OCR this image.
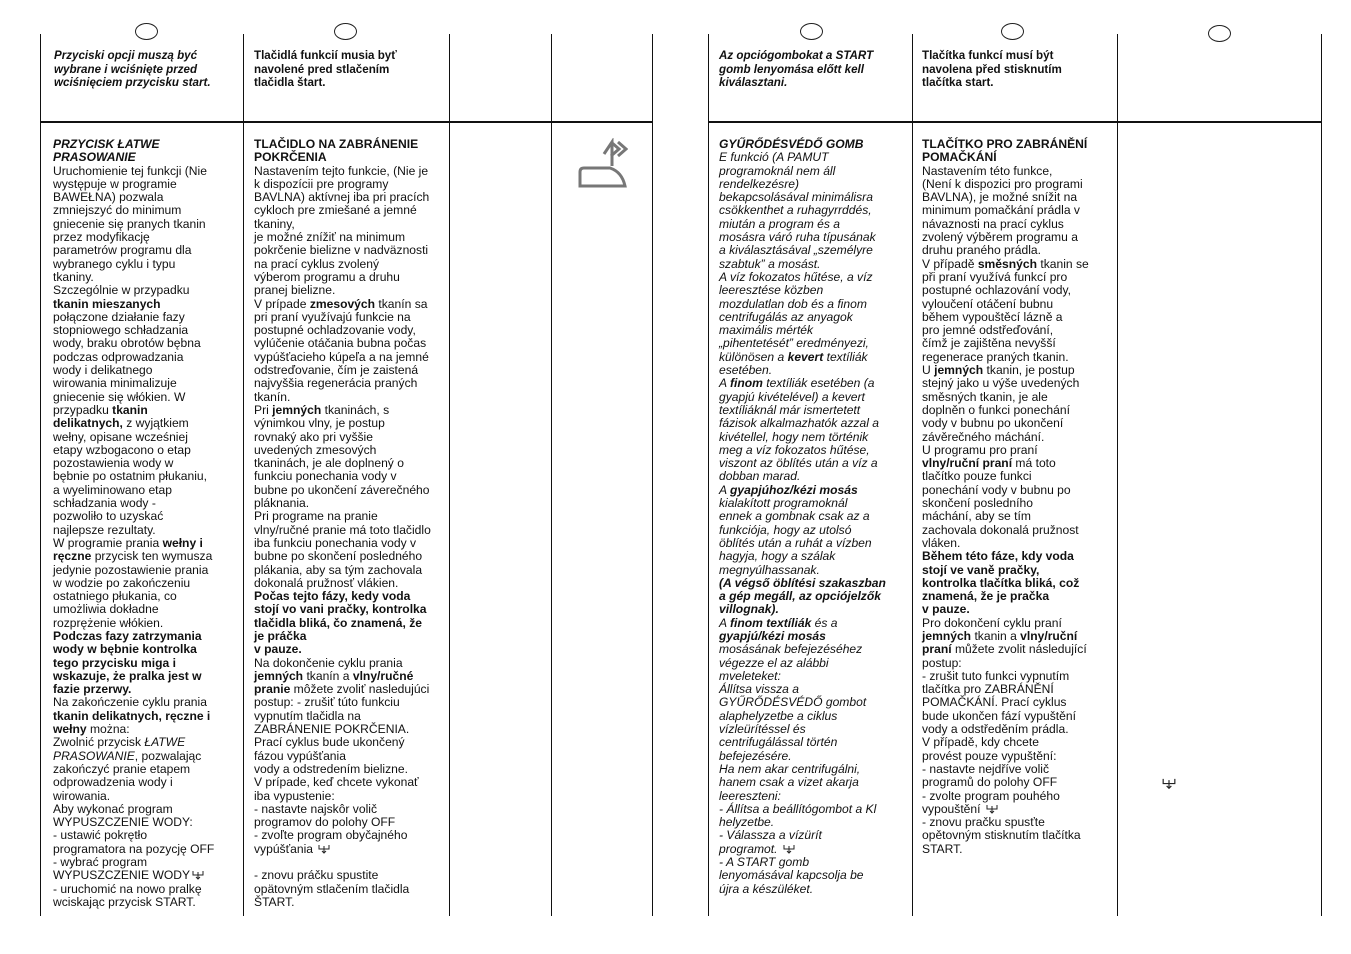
Przyciski opcji muszą być
wybrane i wciśnięte przed
wciśnięciem przycisku start.
Tlačidlá funkcií musia byť
navolené pred stlačením
tlačidla štart.
Az opciógombokat a START
gomb lenyomása előtt kell
kiválasztani.
Tlačítka funkcí musí být
navolena před stisknutím
tlačítka start.
PRZYCISK ŁATWE
PRASOWANIE
Uruchomienie tej funkcji (Nie
występuje w programie
BAWEŁNA) pozwala
zmniejszyć do minimum
gniecenie się pranych tkanin
przez modyfikację
parametrów programu dla
wybranego cyklu i typu
tkaniny.
Szczególnie w przypadku
tkanin mieszanych
połączone działanie fazy
stopniowego schładzania
wody, braku obrotów bębna
podczas odprowadzania
wody i delikatnego
wirowania minimalizuje
gniecenie się włókien. W
przypadku tkanin
delikatnych, z wyjątkiem
wełny, opisane wcześniej
etapy wzbogacono o etap
pozostawienia wody w
bębnie po ostatnim płukaniu,
a wyeliminowano etap
schładzania wody -
pozwoliło to uzyskać
najlepsze rezultaty.
W programie prania wełny i
ręczne przycisk ten wymusza
jedynie pozostawienie prania
w wodzie po zakończeniu
ostatniego płukania, co
umożliwia dokładne
rozprężenie włókien.
Podczas fazy zatrzymania
wody w bębnie kontrolka
tego przycisku miga i
wskazuje, że pralka jest w
fazie przerwy.
Na zakończenie cyklu prania
tkanin delikatnych, ręczne i
wełny można:
Zwolnić przycisk ŁATWE
PRASOWANIE, pozwalając
zakończyć pranie etapem
odprowadzenia wody i
wirowania.
Aby wykonać program
WYPUSZCZENIE WODY:
- ustawić pokrętło
programatora na pozycję OFF
- wybrać program
WYPUSZCZENIE WODY
- uruchomić na nowo pralkę
wciskając przycisk START.
TLAČIDLO NA ZABRÁNENIE
POKRČENIA
Nastavením tejto funkcie, (Nie je
k dispozícii pre programy
BAVLNA) aktívnej iba pri pracích
cykloch pre zmiešané a jemné
tkaniny,
je možné znížiť na minimum
pokrčenie bielizne v nadväznosti
na prací cyklus zvolený
výberom programu a druhu
pranej bielizne.
V prípade zmesových tkanín sa
pri praní využívajú funkcie na
postupné ochladzovanie vody,
vylúčenie otáčania bubna počas
vypúšťacieho kúpeľa a na jemné
odstreďovanie, čím je zaistená
najvyššia regenerácia praných
tkanín.
Pri jemných tkaninách, s
výnimkou vlny, je postup
rovnaký ako pri vyššie
uvedených zmesových
tkaninách, je ale doplnený o
funkciu ponechania vody v
bubne po ukončení záverečného
pláknania.
Pri programe na pranie
vlny/ručné pranie má toto tlačidlo
iba funkciu ponechania vody v
bubne po skončení posledného
plákania, aby sa tým zachovala
dokonalá pružnosť vlákien.
Počas tejto fázy, kedy voda
stojí vo vani pračky, kontrolka
tlačidla bliká, čo znamená, že
je práčka
v pauze.
Na dokončenie cyklu prania
jemných tkanín a vlny/ručné
pranie môžete zvoliť nasledujúci
postup: - zrušiť túto funkciu
vypnutím tlačidla na
ZABRÁNENIE POKRČENIA.
Prací cyklus bude ukončený
fázou vypúšťania
vody a odstredením bielizne.
V prípade, keď chcete vykonať
iba vypustenie:
- nastavte najskôr volič
programov do polohy OFF
- zvoľte program obyčajného
vypúšťania

- znovu práčku spustite
opätovným stlačením tlačidla
ŠTART.
GYŰRŐDÉSVÉDŐ GOMB
E funkció (A PAMUT
programoknál nem áll
rendelkezésre)
bekapcsolásával minimálisra
csökkenthet a ruhagyrrddés,
miután a program és a
mosásra váró ruha típusának
a kiválasztásával „személyre
szabtuk” a mosást.
A víz fokozatos hűtése, a víz
leeresztése közben
mozdulatlan dob és a finom
centrifugálás az anyagok
maximális mérték
„pihentetését” eredményezi,
különösen a kevert textíliák
esetében.
A finom textíliák esetében (a
gyapjú kivételével) a kevert
textíliáknál már ismertetett
fázisok alkalmazhatók azzal a
kivétellel, hogy nem történik
meg a víz fokozatos hűtése,
viszont az öblítés után a víz a
dobban marad.
A gyapjúhoz/kézi mosás
kialakított programoknál
ennek a gombnak csak az a
funkciója, hogy az utolsó
öblítés után a ruhát a vízben
hagyja, hogy a szálak
megnyúlhassanak.
(A végső öblítési szakaszban
a gép megáll, az opciójelzők
villognak).
A finom textíliák és a
gyapjú/kézi mosás
mosásának befejezéséhez
végezze el az alábbi
mveleteket:
Állítsa vissza a
GYŰRŐDÉSVÉDŐ gombot
alaphelyzetbe a ciklus
vízleürítéssel és
centrifugálással történ
befejezésére.
Ha nem akar centrifugálni,
hanem csak a vizet akarja
leereszteni:
- Állítsa a beállítógombot a Kl
helyzetbe.
- Válassza a vízürít
programot.
- A START gomb
lenyomásával kapcsolja be
újra a készüléket.
TLAČÍTKO PRO ZABRÁNĚNÍ
POMAČKÁNÍ
Nastavením této funkce,
(Není k dispozici pro programi
BAVLNA), je možné snížit na
minimum pomačkání prádla v
návaznosti na prací cyklus
zvolený výběrem programu a
druhu praného prádla.
V případě směsných tkanin se
při praní využívá funkcí pro
postupné ochlazování vody,
vyloučení otáčení bubnu
během vypouštěcí lázně a
pro jemné odstřeďování,
čímž je zajištěna nevyšší
regenerace praných tkanin.
U jemných tkanin, je postup
stejný jako u výše uvedených
směsných tkanin, je ale
doplněn o funkci ponechání
vody v bubnu po ukončení
závěrečného máchání.
U programu pro praní
vlny/ruční praní má toto
tlačítko pouze funkci
ponechání vody v bubnu po
skončení posledního
máchání, aby se tím
zachovala dokonalá pružnost
vláken.
Během této fáze, kdy voda
stojí ve vaně pračky,
kontrolka tlačítka bliká, což
znamená, že je pračka
v pauze.
Pro dokončení cyklu praní
jemných tkanin a vlny/ruční
praní můžete zvolit následující
postup:
- zrušit tuto funkci vypnutím
tlačítka pro ZABRÁNĚNÍ
POMAČKÁNÍ. Prací cyklus
bude ukončen fází vypuštění
vody a odstředěním prádla.
V případě, kdy chcete
provést pouze vypuštění:
- nastavte nejdříve volič
programů do polohy OFF
- zvolte program pouhého
vypouštění
- znovu pračku spusťte
opětovným stisknutím tlačítka
START.
